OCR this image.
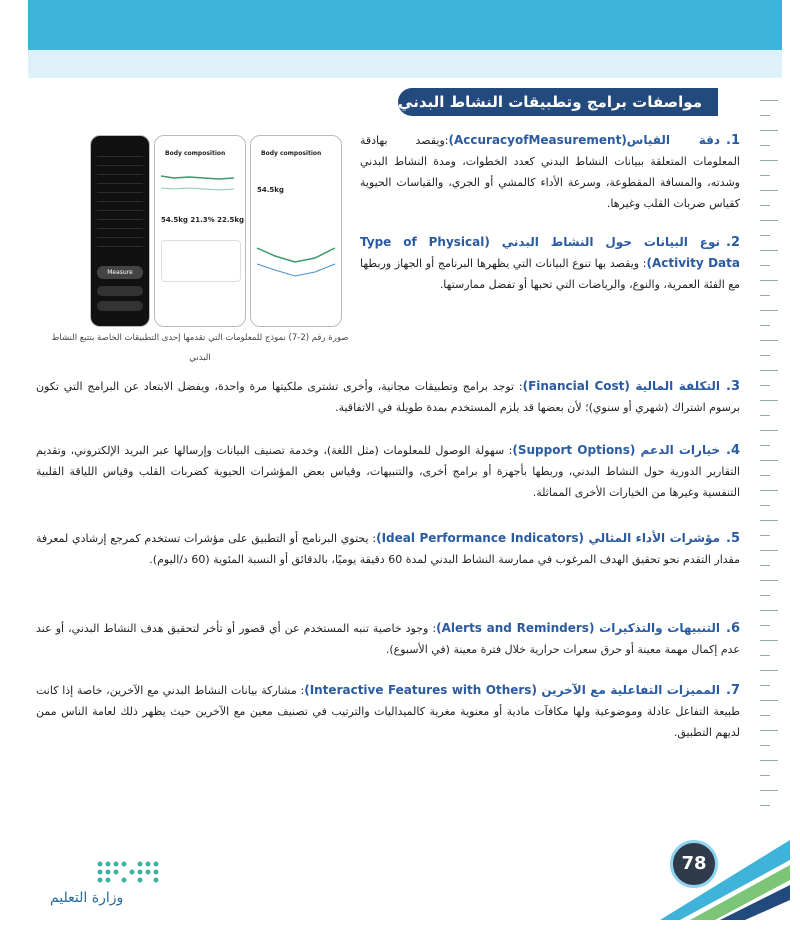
مواصفات برامج وتطبيقات النشاط البدني
Measure
Body composition
54.5kg 21.3% 22.5kg
Body composition
54.5kg
صورة رقم (2-7) نموذج للمعلومات التي تقدمها إحدى التطبيقات الخاصة بتتبع النشاط البدني
1.دقة القياس(AccuracyofMeasurement):ويقصد بهادقة المعلومات المتعلقة ببيانات النشاط البدني كعدد الخطوات، ومدة النشاط البدني وشدته، والمسافة المقطوعة، وسرعة الأداء كالمشي أو الجري، والقياسات الحيوية كقياس ضربات القلب وغيرها.
2.نوع البيانات حول النشاط البدني (Type of Physical Activity Data): ويقصد بها تنوع البيانات التي يظهرها البرنامج أو الجهاز وربطها مع الفئة العمرية، والنوع، والرياضات التي تحبها أو تفضل ممارستها.
3.التكلفة المالية (Financial Cost): توجد برامج وتطبيقات مجانية، وأخرى تشترى ملكيتها مرة واحدة، ويفضل الابتعاد عن البرامج التي تكون برسوم اشتراك (شهري أو سنوي)؛ لأن بعضها قد يلزم المستخدم بمدة طويلة في الاتفاقية.
4.خيارات الدعم (Support Options): سهولة الوصول للمعلومات (مثل اللغة)، وخدمة تصنيف البيانات وإرسالها عبر البريد الإلكتروني، وتقديم التقارير الدورية حول النشاط البدني، وربطها بأجهزة أو برامج أخرى، والتنبيهات، وقياس بعض المؤشرات الحيوية كضربات القلب وقياس اللياقة القلبية التنفسية وغيرها من الخيارات الأخرى المماثلة.
5.مؤشرات الأداء المثالي (Ideal Performance Indicators): يحتوي البرنامج أو التطبيق على مؤشرات تستخدم كمرجع إرشادي لمعرفة مقدار التقدم نحو تحقيق الهدف المرغوب في ممارسة النشاط البدني لمدة 60 دقيقة يوميًا، بالدقائق أو النسبة المئوية (60 د/اليوم).
6.التنبيهات والتذكيرات (Alerts and Reminders): وجود خاصية تنبه المستخدم عن أي قصور أو تأخر لتحقيق هدف النشاط البدني، أو عند عدم إكمال مهمة معينة أو حرق سعرات حرارية خلال فترة معينة (في الأسبوع).
7.المميزات التفاعلية مع الآخرين (Interactive Features with Others): مشاركة بيانات النشاط البدني مع الآخرين، خاصة إذا كانت طبيعة التفاعل عادلة وموضوعية ولها مكافآت مادية أو معنوية مغرية كالميداليات والترتيب في تصنيف معين مع الآخرين حيث يظهر ذلك لعامة الناس ممن لديهم التطبيق.
وزارة التعليم
78
